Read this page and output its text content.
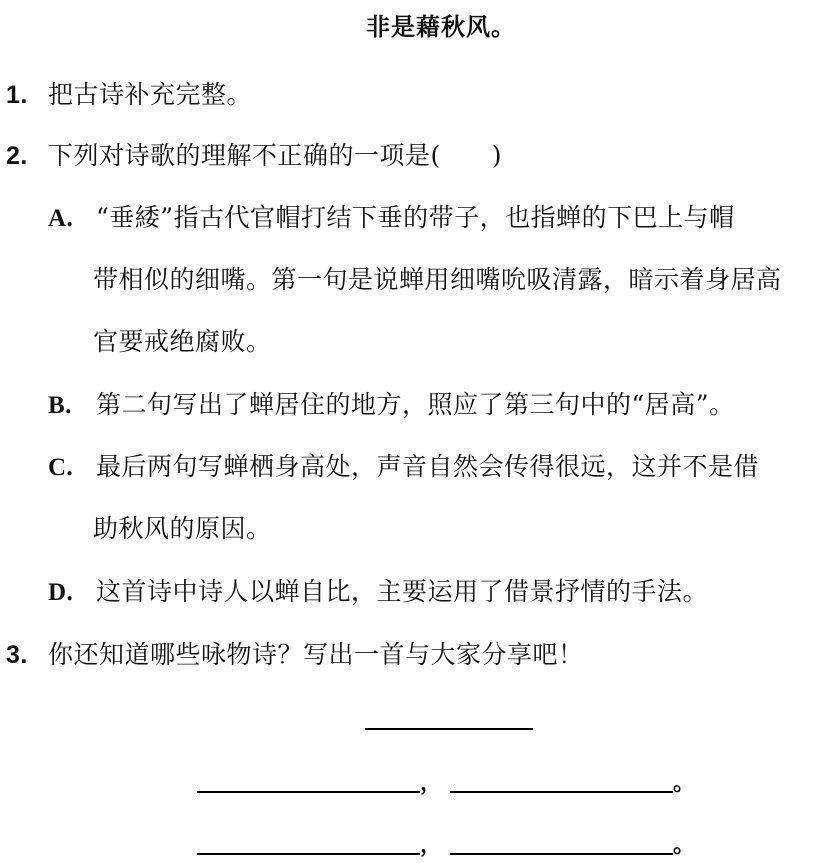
非是藉秋风。
1. 把古诗补充完整。
2. 下列对诗歌的理解不正确的一项是(　　)
A. “垂緌”指古代官帽打结下垂的带子，也指蝉的下巴上与帽
带相似的细嘴。第一句是说蝉用细嘴吮吸清露，暗示着身居高
官要戒绝腐败。
B. 第二句写出了蝉居住的地方，照应了第三句中的“居高”。
C. 最后两句写蝉栖身高处，声音自然会传得很远，这并不是借
助秋风的原因。
D. 这首诗中诗人以蝉自比，主要运用了借景抒情的手法。
3. 你还知道哪些咏物诗？写出一首与大家分享吧！
，	。
，	。
